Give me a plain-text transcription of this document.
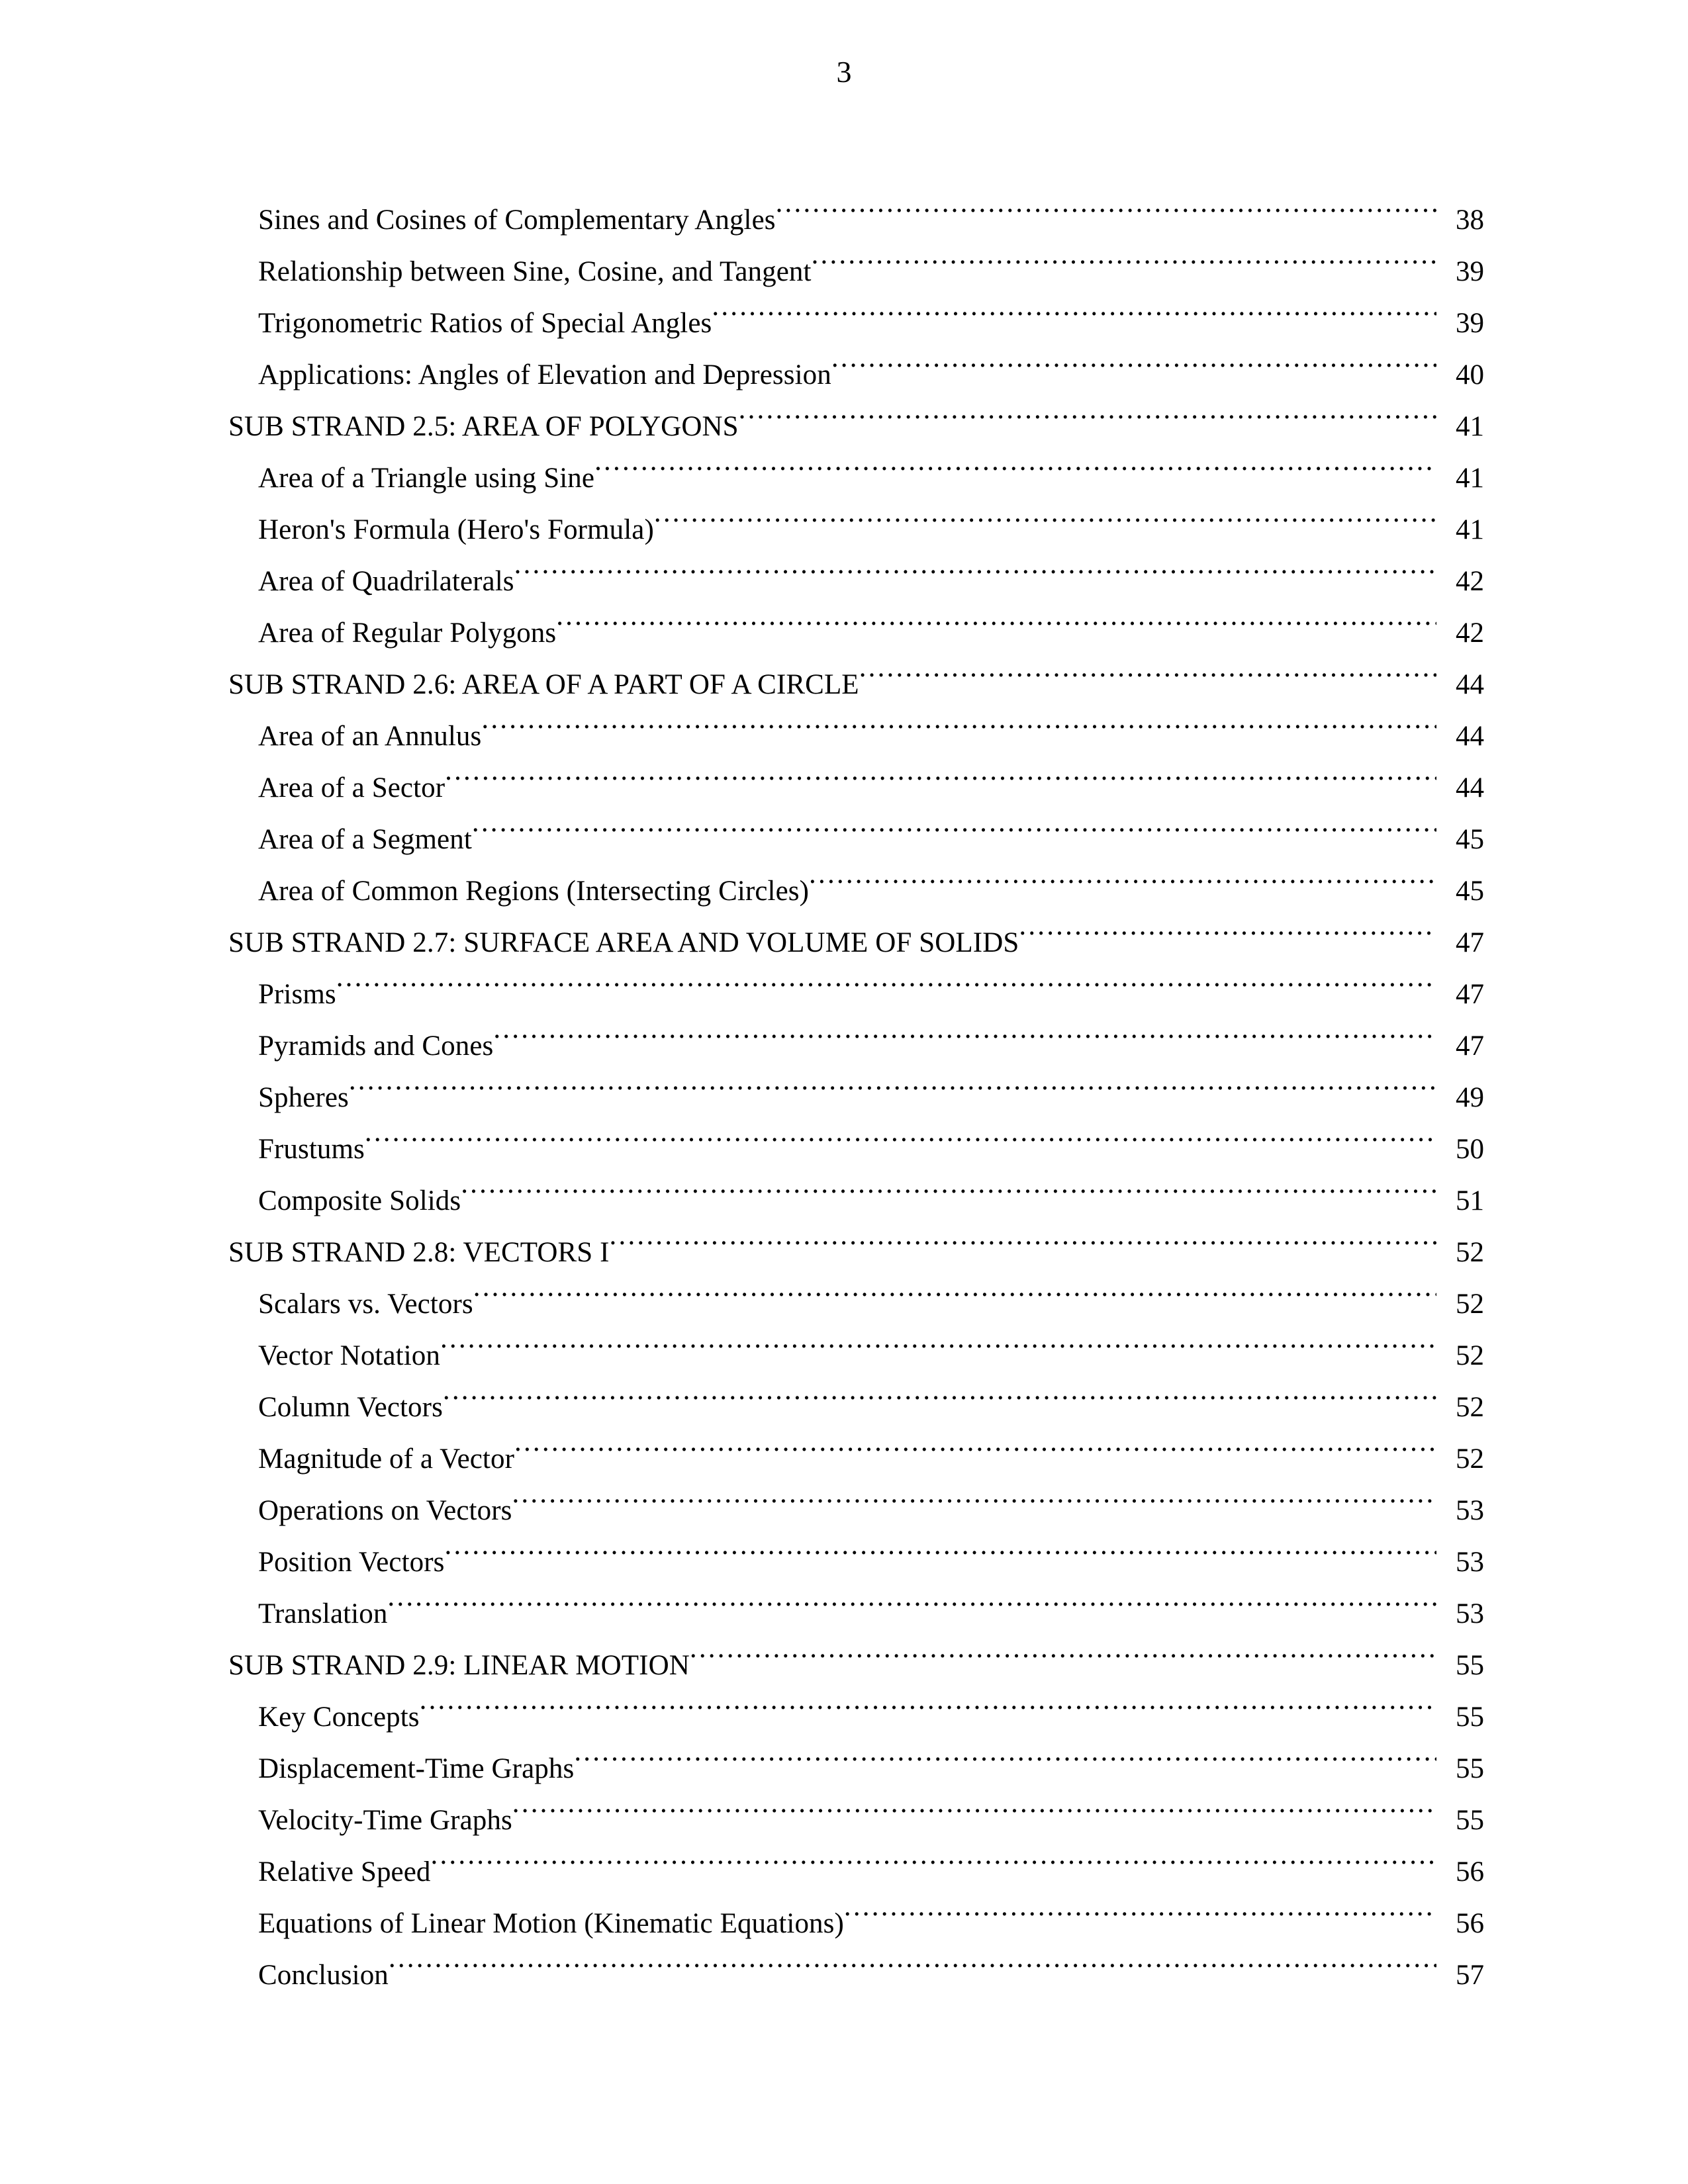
3
Sines and Cosines of Complementary Angles .....	38
Relationship between Sine, Cosine, and Tangent .....	39
Trigonometric Ratios of Special Angles .....	39
Applications: Angles of Elevation and Depression .....	40
SUB STRAND 2.5: AREA OF POLYGONS .....	41
Area of a Triangle using Sine .....	41
Heron's Formula (Hero's Formula) .....	41
Area of Quadrilaterals .....	42
Area of Regular Polygons .....	42
SUB STRAND 2.6: AREA OF A PART OF A CIRCLE .....	44
Area of an Annulus .....	44
Area of a Sector .....	44
Area of a Segment .....	45
Area of Common Regions (Intersecting Circles) .....	45
SUB STRAND 2.7: SURFACE AREA AND VOLUME OF SOLIDS .....	47
Prisms .....	47
Pyramids and Cones .....	47
Spheres .....	49
Frustums .....	50
Composite Solids .....	51
SUB STRAND 2.8: VECTORS I .....	52
Scalars vs. Vectors .....	52
Vector Notation .....	52
Column Vectors .....	52
Magnitude of a Vector .....	52
Operations on Vectors .....	53
Position Vectors .....	53
Translation .....	53
SUB STRAND 2.9: LINEAR MOTION .....	55
Key Concepts .....	55
Displacement-Time Graphs .....	55
Velocity-Time Graphs .....	55
Relative Speed .....	56
Equations of Linear Motion (Kinematic Equations) .....	56
Conclusion .....	57
